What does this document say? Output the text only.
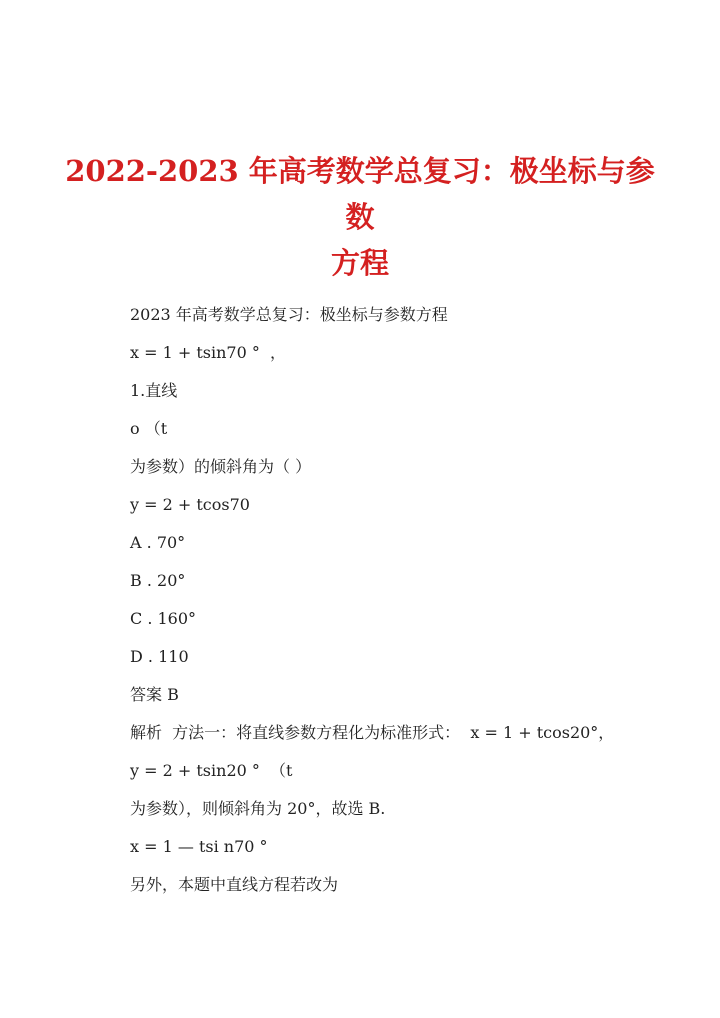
2022-2023 年高考数学总复习：极坐标与参数
方程
2023 年高考数学总复习：极坐标与参数方程
x = 1 + tsin70 °  ，
1.直线
o （t
为参数）的倾斜角为（ ）
y = 2 + tcos70
A . 70°
B . 20°
C . 160°
D . 110
答案 B
解析  方法一：将直线参数方程化为标准形式：  x = 1 + tcos20°，
y = 2 + tsin20 °  （t
为参数），则倾斜角为 20°，故选 B.
x = 1 — tsi n70 °
另外，本题中直线方程若改为
